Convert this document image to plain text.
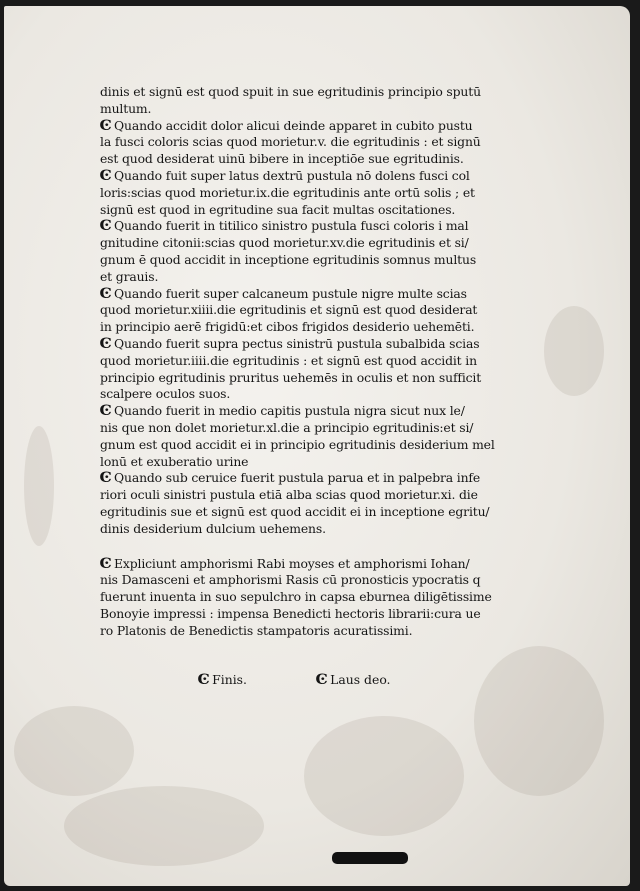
dinis et signū est quod spuit in sue egritudinis principio sputū
multum.
Ͼ Quando accidit dolor alicui deinde apparet in cubito pustu
la fusci coloris scias quod morietur.v. die egritudinis : et signū
est quod desiderat uinū bibere in inceptiōe sue egritudinis.
Ͼ Quando fuit super latus dextrū pustula nō dolens fusci col
loris:scias quod morietur.ix.die egritudinis ante ortū solis ; et
signū est quod in egritudine sua facit multas oscitationes.
Ͼ Quando fuerit in titilico sinistro pustula fusci coloris i mal
gnitudine citonii:scias quod morietur.xv.die egritudinis et si/
gnum ē quod accidit in inceptione egritudinis somnus multus
et grauis.
Ͼ Quando fuerit super calcaneum pustule nigre multe scias
quod morietur.xiiii.die egritudinis et signū est quod desiderat
in principio aerē frigidū:et cibos frigidos desiderio uehemēti.
Ͼ Quando fuerit supra pectus sinistrū pustula subalbida scias
quod morietur.iiii.die egritudinis : et signū est quod accidit in
principio egritudinis pruritus uehemēs in oculis et non sufficit
scalpere oculos suos.
Ͼ Quando fuerit in medio capitis pustula nigra sicut nux le/
nis que non dolet morietur.xl.die a principio egritudinis:et si/
gnum est quod accidit ei in principio egritudinis desiderium mel
lonū et exuberatio urine
Ͼ Quando sub ceruice fuerit pustula parua et in palpebra infe
riori oculi sinistri pustula etiā alba scias quod morietur.xi. die
egritudinis sue et signū est quod accidit ei in inceptione egritu/
dinis desiderium dulcium uehemens.
Ͼ Expliciunt amphorismi Rabi moyses et amphorismi Iohan/
nis Damasceni et amphorismi Rasis cū pronosticis ypocratis q
fuerunt inuenta in suo sepulchro in capsa eburnea diligētissime
Bonoуie impressi : impensa Benedicti hectoris librarii:cura ue
ro Platonis de Benedictis stampatoris acuratissimi.
Ͼ Finis.	Ͼ Laus deo.
